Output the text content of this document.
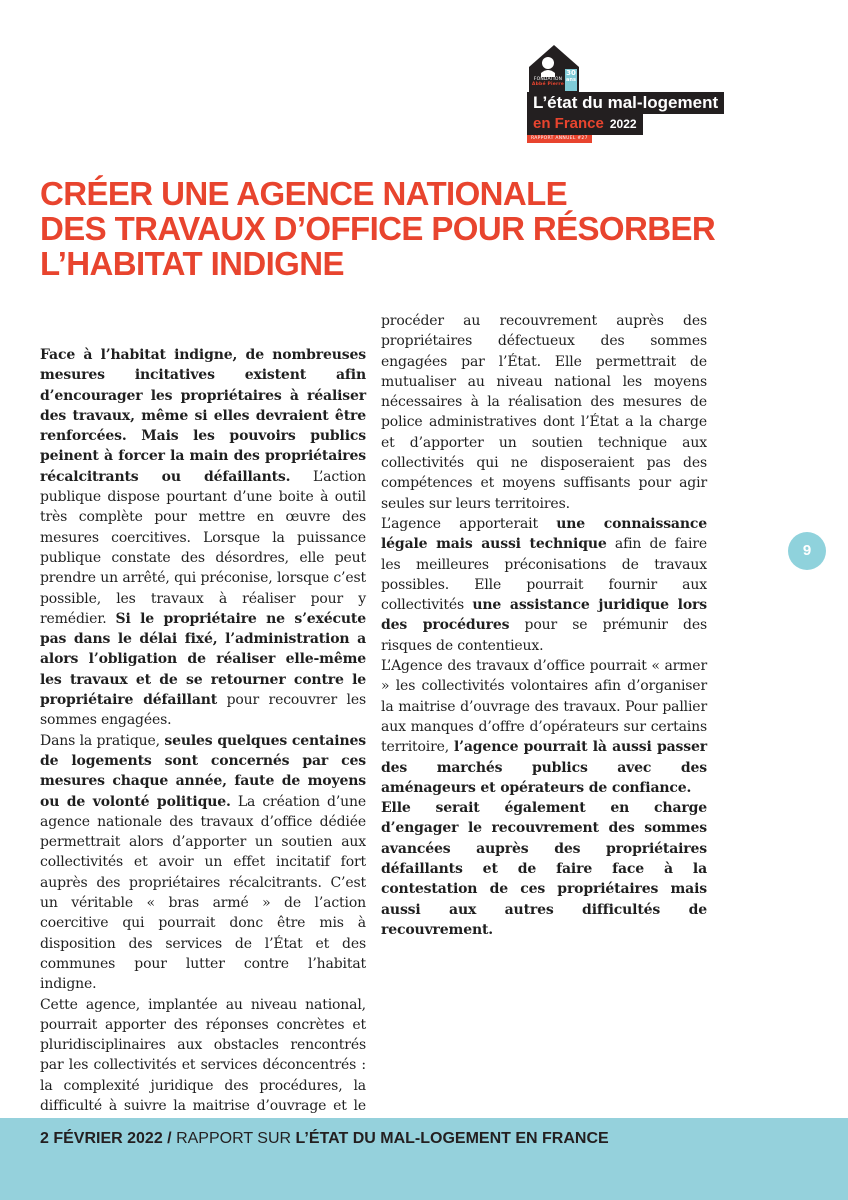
FONDATION
Abbé Pierre
30
ans
L’état du mal-logement
en France 2022
RAPPORT ANNUEL #27
CRÉER UNE AGENCE NATIONALE
DES TRAVAUX D’OFFICE POUR RÉSORBER
L’HABITAT INDIGNE

Face à l’habitat indigne, de nombreuses mesures incitatives existent afin d’encourager les propriétaires à réaliser des travaux, même si elles devraient être renforcées. Mais les pouvoirs publics peinent à forcer la main des propriétaires récalcitrants ou défaillants. L’action publique dispose pourtant d’une boite à outil très complète pour mettre en œuvre des mesures coercitives. Lorsque la puissance publique constate des désordres, elle peut prendre un arrêté, qui préconise, lorsque c’est possible, les travaux à réaliser pour y remédier. Si le propriétaire ne s’exécute pas dans le délai fixé, l’administration a alors l’obligation de réaliser elle-même les travaux et de se retourner contre le propriétaire défaillant pour recouvrer les sommes engagées.

Dans la pratique, seules quelques centaines de logements sont concernés par ces mesures chaque année, faute de moyens ou de volonté politique. La création d’une agence nationale des travaux d’office dédiée permettrait alors d’apporter un soutien aux collectivités et avoir un effet incitatif fort auprès des propriétaires récalcitrants. C’est un véritable « bras armé » de l’action coercitive qui pourrait donc être mis à disposition des services de l’État et des communes pour lutter contre l’habitat indigne.

Cette agence, implantée au niveau national, pourrait apporter des réponses concrètes et pluridisciplinaires aux obstacles rencontrés par les collectivités et services déconcentrés : la complexité juridique des procédures, la difficulté à suivre la maitrise d’ouvrage et le

procéder au recouvrement auprès des propriétaires défectueux des sommes engagées par l’État. Elle permettrait de mutualiser au niveau national les moyens nécessaires à la réalisation des mesures de police administratives dont l’État a la charge et d’apporter un soutien technique aux collectivités qui ne disposeraient pas des compétences et moyens suffisants pour agir seules sur leurs territoires.

L’agence apporterait une connaissance légale mais aussi technique afin de faire les meilleures préconisations de travaux possibles. Elle pourrait fournir aux collectivités une assistance juridique lors des procédures pour se prémunir des risques de contentieux.

L’Agence des travaux d’office pourrait « armer » les collectivités volontaires afin d’organiser la maitrise d’ouvrage des travaux. Pour pallier aux manques d’offre d’opérateurs sur certains territoire, l’agence pourrait là aussi passer des marchés publics avec des aménageurs et opérateurs de confiance.

Elle serait également en charge d’engager le recouvrement des sommes avancées auprès des propriétaires défaillants et de faire face à la contestation de ces propriétaires mais aussi aux autres difficultés de recouvrement.

9
2 FÉVRIER 2022 / RAPPORT SUR L’ÉTAT DU MAL-LOGEMENT EN FRANCE
